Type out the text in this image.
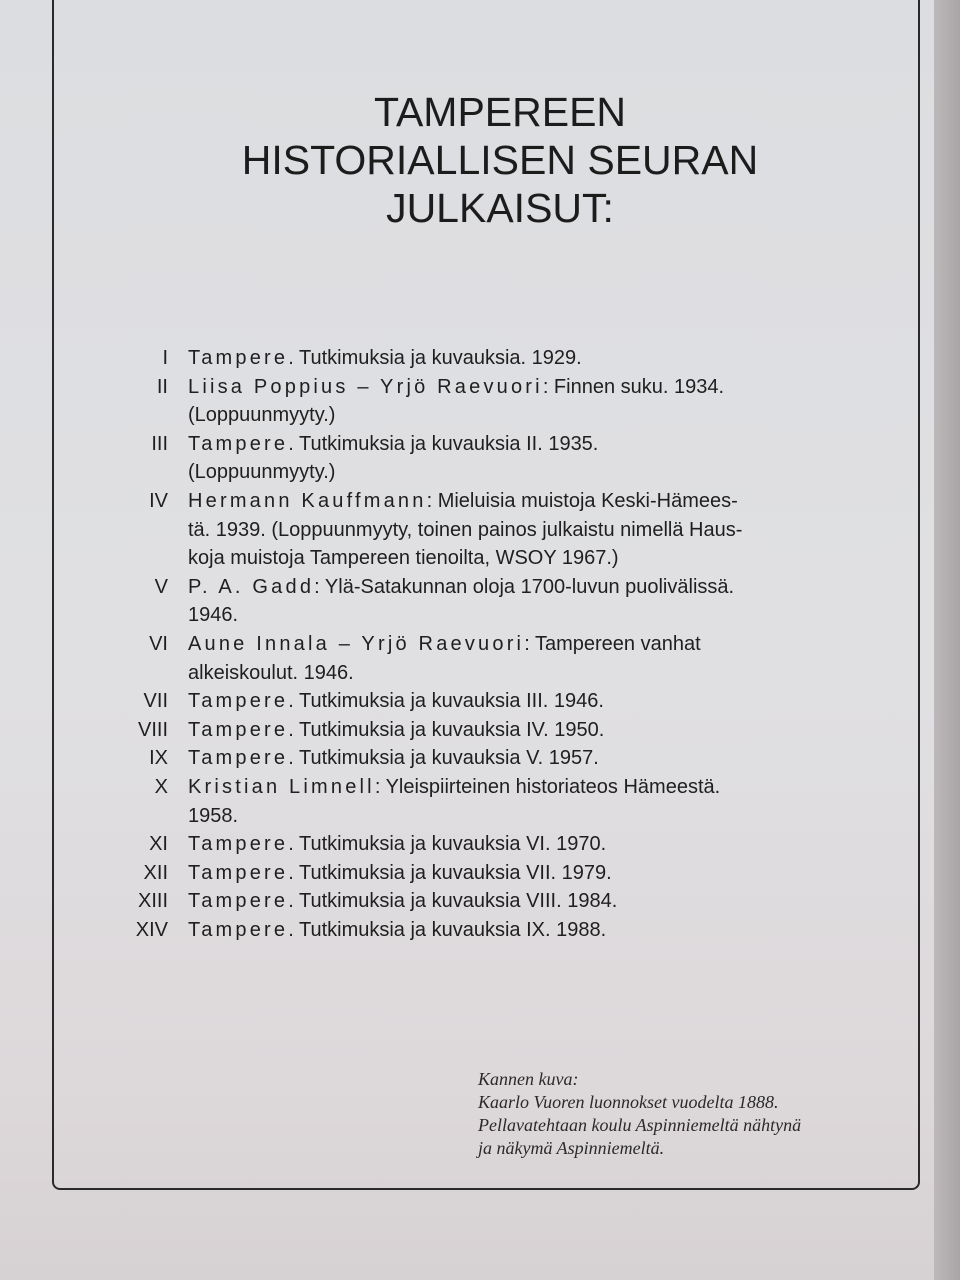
TAMPEREEN
HISTORIALLISEN SEURAN
JULKAISUT:
I	Tampere. Tutkimuksia ja kuvauksia. 1929.
II	Liisa Poppius – Yrjö Raevuori: Finnen suku. 1934.
(Loppuunmyyty.)
III	Tampere. Tutkimuksia ja kuvauksia II. 1935.
(Loppuunmyyty.)
IV	Hermann Kauffmann: Mieluisia muistoja Keski-Hämees-
tä. 1939. (Loppuunmyyty, toinen painos julkaistu nimellä Haus-
koja muistoja Tampereen tienoilta, WSOY 1967.)
V	P. A. Gadd: Ylä-Satakunnan oloja 1700-luvun puolivälissä.
1946.
VI	Aune Innala – Yrjö Raevuori: Tampereen vanhat
alkeiskoulut. 1946.
VII	Tampere. Tutkimuksia ja kuvauksia III. 1946.
VIII	Tampere. Tutkimuksia ja kuvauksia IV. 1950.
IX	Tampere. Tutkimuksia ja kuvauksia V. 1957.
X	Kristian Limnell: Yleispiirteinen historiateos Hämeestä.
1958.
XI	Tampere. Tutkimuksia ja kuvauksia VI. 1970.
XII	Tampere. Tutkimuksia ja kuvauksia VII. 1979.
XIII	Tampere. Tutkimuksia ja kuvauksia VIII. 1984.
XIV	Tampere. Tutkimuksia ja kuvauksia IX. 1988.
Kannen kuva:
Kaarlo Vuoren luonnokset vuodelta 1888.
Pellavatehtaan koulu Aspinniemeltä nähtynä
ja näkymä Aspinniemeltä.
